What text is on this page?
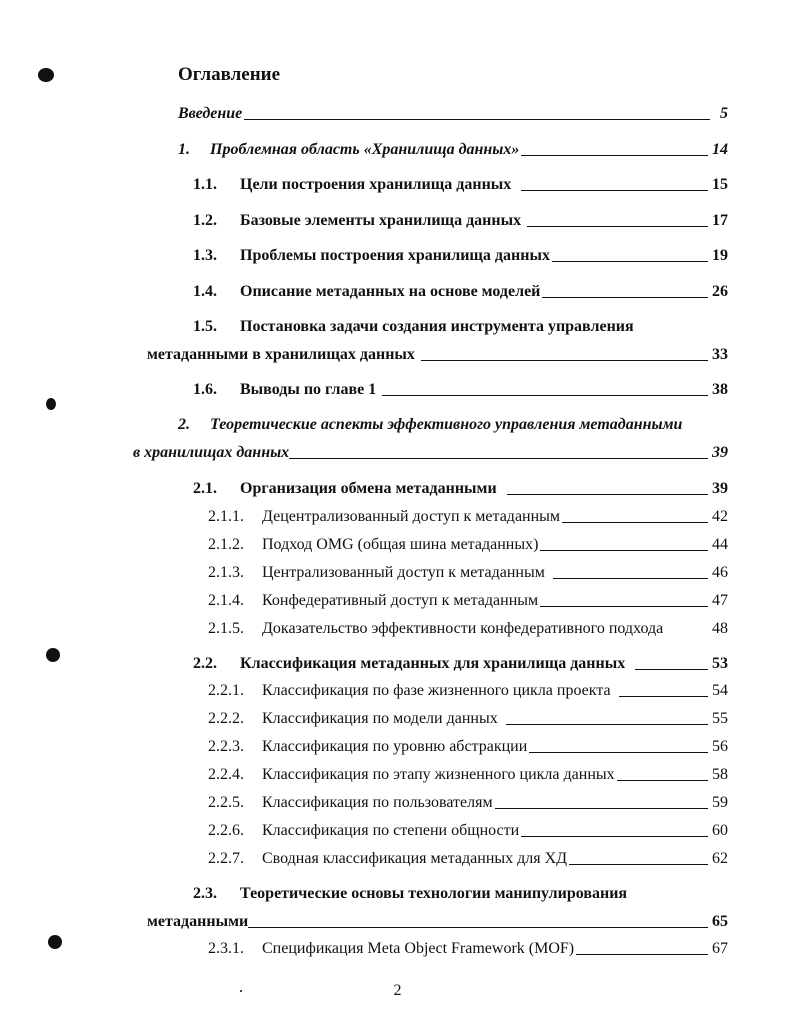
Оглавление
Введение	5
1.	Проблемная область «Хранилища данных»	14
1.1.	Цели построения хранилища данных	15
1.2.	Базовые элементы хранилища данных	17
1.3.	Проблемы построения хранилища данных	19
1.4.	Описание метаданных на основе моделей	26
1.5. Постановка задачи создания инструмента управления
метаданными в хранилищах данных	33
1.6.	Выводы по главе 1	38
2. Теоретические аспекты эффективного управления метаданными
в хранилищах данных	39
2.1.	Организация обмена метаданными	39
2.1.1.	Децентрализованный доступ к метаданным	42
2.1.2.	Подход OMG (общая шина метаданных)	44
2.1.3.	Централизованный доступ к метаданным	46
2.1.4.	Конфедеративный доступ к метаданным	47
2.1.5.	Доказательство эффективности конфедеративного подхода	48
2.2.	Классификация метаданных для хранилища данных	53
2.2.1.	Классификация по фазе жизненного цикла проекта	54
2.2.2.	Классификация по модели данных	55
2.2.3.	Классификация по уровню абстракции	56
2.2.4.	Классификация по этапу жизненного цикла данных	58
2.2.5.	Классификация по пользователям	59
2.2.6.	Классификация по степени общности	60
2.2.7.	Сводная классификация метаданных для ХД	62
2.3. Теоретические основы технологии манипулирования
метаданными	65
2.3.1.	Спецификация Meta Object Framework (MOF)	67
2
